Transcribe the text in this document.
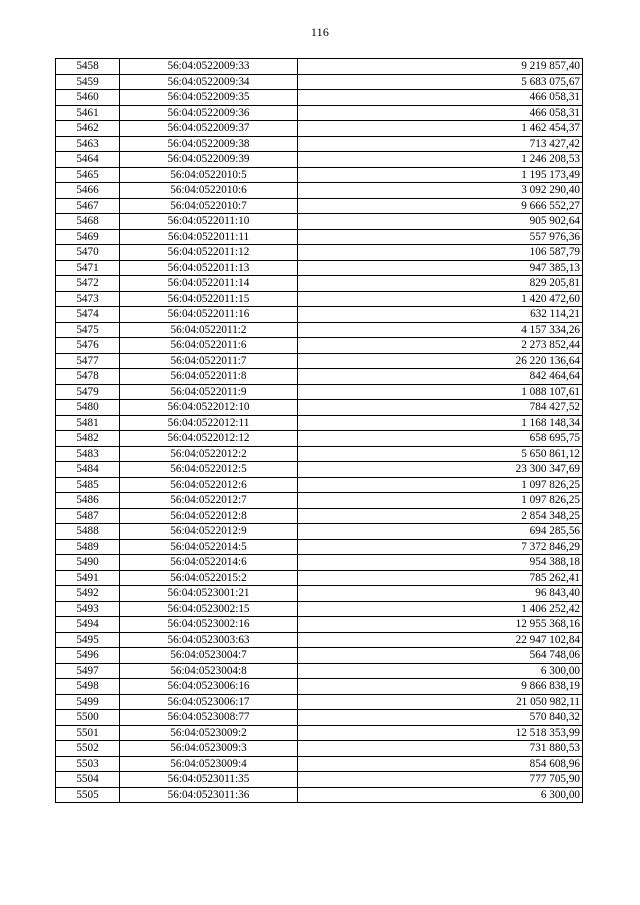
116
5458	56:04:0522009:33	9 219 857,40
5459	56:04:0522009:34	5 683 075,67
5460	56:04:0522009:35	466 058,31
5461	56:04:0522009:36	466 058,31
5462	56:04:0522009:37	1 462 454,37
5463	56:04:0522009:38	713 427,42
5464	56:04:0522009:39	1 246 208,53
5465	56:04:0522010:5	1 195 173,49
5466	56:04:0522010:6	3 092 290,40
5467	56:04:0522010:7	9 666 552,27
5468	56:04:0522011:10	905 902,64
5469	56:04:0522011:11	557 976,36
5470	56:04:0522011:12	106 587,79
5471	56:04:0522011:13	947 385,13
5472	56:04:0522011:14	829 205,81
5473	56:04:0522011:15	1 420 472,60
5474	56:04:0522011:16	632 114,21
5475	56:04:0522011:2	4 157 334,26
5476	56:04:0522011:6	2 273 852,44
5477	56:04:0522011:7	26 220 136,64
5478	56:04:0522011:8	842 464,64
5479	56:04:0522011:9	1 088 107,61
5480	56:04:0522012:10	784 427,52
5481	56:04:0522012:11	1 168 148,34
5482	56:04:0522012:12	658 695,75
5483	56:04:0522012:2	5 650 861,12
5484	56:04:0522012:5	23 300 347,69
5485	56:04:0522012:6	1 097 826,25
5486	56:04:0522012:7	1 097 826,25
5487	56:04:0522012:8	2 854 348,25
5488	56:04:0522012:9	694 285,56
5489	56:04:0522014:5	7 372 846,29
5490	56:04:0522014:6	954 388,18
5491	56:04:0522015:2	785 262,41
5492	56:04:0523001:21	96 843,40
5493	56:04:0523002:15	1 406 252,42
5494	56:04:0523002:16	12 955 368,16
5495	56:04:0523003:63	22 947 102,84
5496	56:04:0523004:7	564 748,06
5497	56:04:0523004:8	6 300,00
5498	56:04:0523006:16	9 866 838,19
5499	56:04:0523006:17	21 050 982,11
5500	56:04:0523008:77	570 840,32
5501	56:04:0523009:2	12 518 353,99
5502	56:04:0523009:3	731 880,53
5503	56:04:0523009:4	854 608,96
5504	56:04:0523011:35	777 705,90
5505	56:04:0523011:36	6 300,00
